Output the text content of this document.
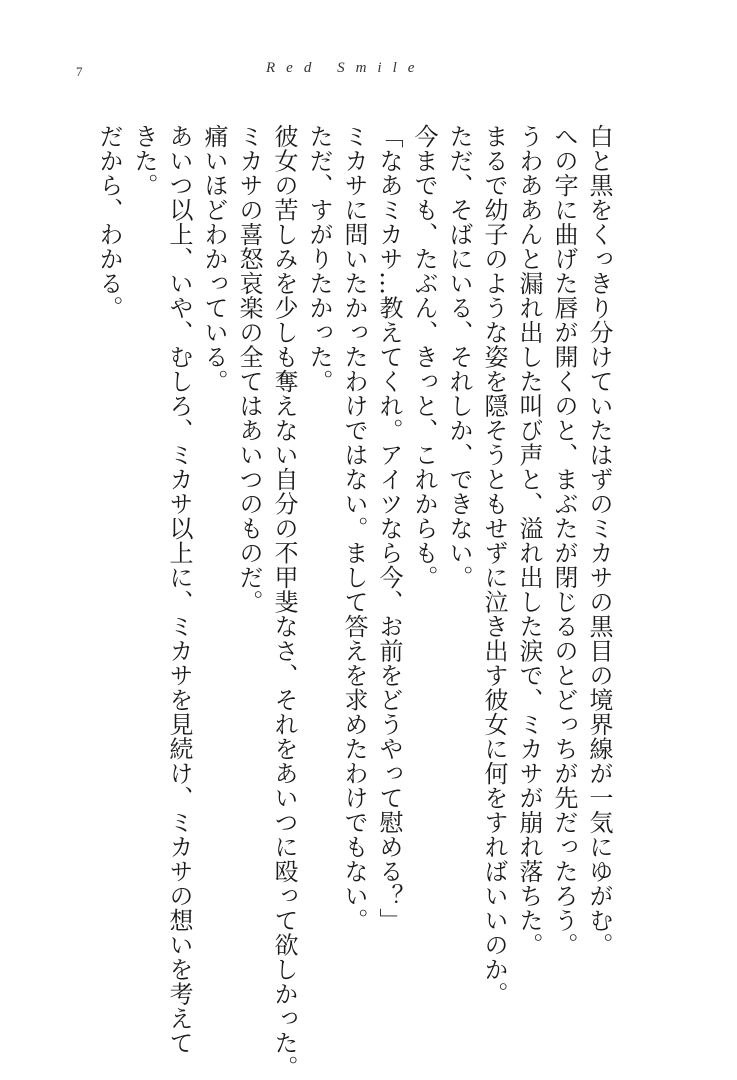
7	Red Smile
白と黒をくっきり分けていたはずのミカサの黒目の境界線が一気にゆがむ。
への字に曲げた唇が開くのと、まぶたが閉じるのとどっちが先だったろう。
うわああんと漏れ出した叫び声と、溢れ出した涙で、ミカサが崩れ落ちた。
まるで幼子のような姿を隠そうともせずに泣き出す彼女に何をすればいいのか。
ただ、そばにいる、それしか、できない。
今までも、たぶん、きっと、これからも。
「なあミカサ…教えてくれ。アイツなら今、お前をどうやって慰める？」
ミカサに問いたかったわけではない。まして答えを求めたわけでもない。
ただ、すがりたかった。
彼女の苦しみを少しも奪えない自分の不甲斐なさ、それをあいつに殴って欲しかった。
ミカサの喜怒哀楽の全てはあいつのものだ。
痛いほどわかっている。
あいつ以上、いや、むしろ、ミカサ以上に、ミカサを見続け、ミカサの想いを考えて
きた。
だから、わかる。
